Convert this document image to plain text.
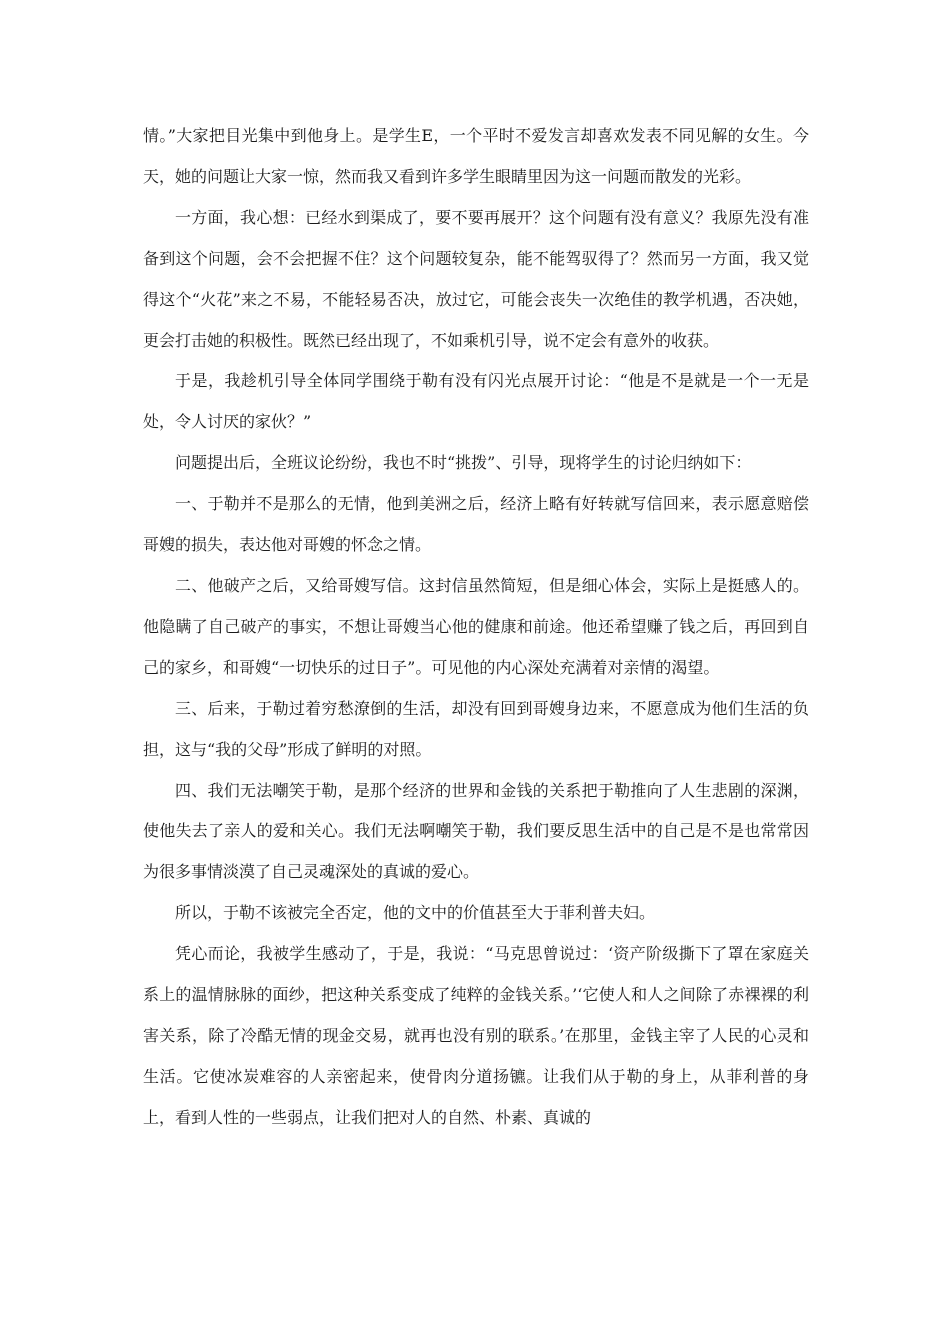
情。”大家把目光集中到他身上。是学生E，一个平时不爱发言却喜欢发表不同见解的女生。今天，她的问题让大家一惊，然而我又看到许多学生眼睛里因为这一问题而散发的光彩。

一方面，我心想：已经水到渠成了，要不要再展开？这个问题有没有意义？我原先没有准备到这个问题，会不会把握不住？这个问题较复杂，能不能驾驭得了？然而另一方面，我又觉得这个“火花”来之不易，不能轻易否决，放过它，可能会丧失一次绝佳的教学机遇，否决她，更会打击她的积极性。既然已经出现了，不如乘机引导，说不定会有意外的收获。

于是，我趁机引导全体同学围绕于勒有没有闪光点展开讨论：“他是不是就是一个一无是处，令人讨厌的家伙？”

问题提出后，全班议论纷纷，我也不时“挑拨”、引导，现将学生的讨论归纳如下：

一、于勒并不是那么的无情，他到美洲之后，经济上略有好转就写信回来，表示愿意赔偿哥嫂的损失，表达他对哥嫂的怀念之情。

二、他破产之后，又给哥嫂写信。这封信虽然简短，但是细心体会，实际上是挺感人的。他隐瞒了自己破产的事实，不想让哥嫂当心他的健康和前途。他还希望赚了钱之后，再回到自己的家乡，和哥嫂“一切快乐的过日子”。可见他的内心深处充满着对亲情的渴望。

三、后来，于勒过着穷愁潦倒的生活，却没有回到哥嫂身边来，不愿意成为他们生活的负担，这与“我的父母”形成了鲜明的对照。

四、我们无法嘲笑于勒，是那个经济的世界和金钱的关系把于勒推向了人生悲剧的深渊，使他失去了亲人的爱和关心。我们无法啊嘲笑于勒，我们要反思生活中的自己是不是也常常因为很多事情淡漠了自己灵魂深处的真诚的爱心。

所以，于勒不该被完全否定，他的文中的价值甚至大于菲利普夫妇。

凭心而论，我被学生感动了，于是，我说：“马克思曾说过：‘资产阶级撕下了罩在家庭关系上的温情脉脉的面纱，把这种关系变成了纯粹的金钱关系。’‘它使人和人之间除了赤裸裸的利害关系，除了冷酷无情的现金交易，就再也没有别的联系。’在那里，金钱主宰了人民的心灵和生活。它使冰炭难容的人亲密起来，使骨肉分道扬镳。让我们从于勒的身上，从菲利普的身上，看到人性的一些弱点，让我们把对人的自然、朴素、真诚的
